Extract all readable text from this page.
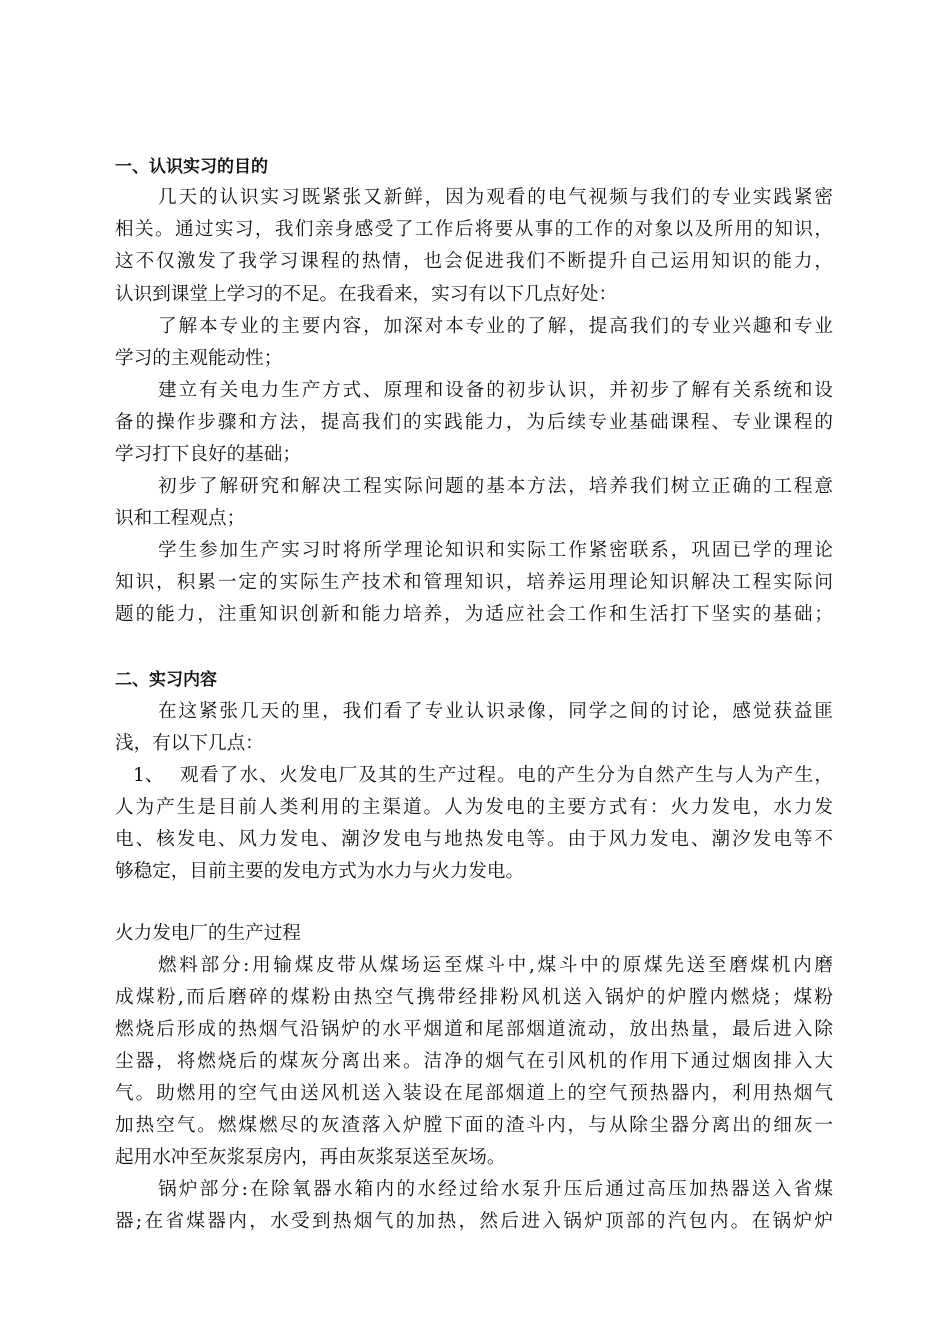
一、认识实习的目的
几天的认识实习既紧张又新鲜，因为观看的电气视频与我们的专业实践紧密
相关。通过实习，我们亲身感受了工作后将要从事的工作的对象以及所用的知识，
这不仅激发了我学习课程的热情，也会促进我们不断提升自己运用知识的能力，
认识到课堂上学习的不足。在我看来，实习有以下几点好处：
了解本专业的主要内容，加深对本专业的了解，提高我们的专业兴趣和专业
学习的主观能动性；
建立有关电力生产方式、原理和设备的初步认识，并初步了解有关系统和设
备的操作步骤和方法，提高我们的实践能力，为后续专业基础课程、专业课程的
学习打下良好的基础；
初步了解研究和解决工程实际问题的基本方法，培养我们树立正确的工程意
识和工程观点；
学生参加生产实习时将所学理论知识和实际工作紧密联系，巩固已学的理论
知识，积累一定的实际生产技术和管理知识，培养运用理论知识解决工程实际问
题的能力，注重知识创新和能力培养，为适应社会工作和生活打下坚实的基础；
二、实习内容
在这紧张几天的里，我们看了专业认识录像，同学之间的讨论，感觉获益匪
浅，有以下几点：
1、 观看了水、火发电厂及其的生产过程。电的产生分为自然产生与人为产生，
人为产生是目前人类利用的主渠道。人为发电的主要方式有：火力发电，水力发
电、核发电、风力发电、潮汐发电与地热发电等。由于风力发电、潮汐发电等不
够稳定，目前主要的发电方式为水力与火力发电。
火力发电厂的生产过程
燃料部分:用输煤皮带从煤场运至煤斗中,煤斗中的原煤先送至磨煤机内磨
成煤粉,而后磨碎的煤粉由热空气携带经排粉风机送入锅炉的炉膛内燃烧；煤粉
燃烧后形成的热烟气沿锅炉的水平烟道和尾部烟道流动，放出热量，最后进入除
尘器，将燃烧后的煤灰分离出来。洁净的烟气在引风机的作用下通过烟囱排入大
气。助燃用的空气由送风机送入装设在尾部烟道上的空气预热器内，利用热烟气
加热空气。燃煤燃尽的灰渣落入炉膛下面的渣斗内，与从除尘器分离出的细灰一
起用水冲至灰浆泵房内，再由灰浆泵送至灰场。
锅炉部分:在除氧器水箱内的水经过给水泵升压后通过高压加热器送入省煤
器;在省煤器内，水受到热烟气的加热，然后进入锅炉顶部的汽包内。在锅炉炉
